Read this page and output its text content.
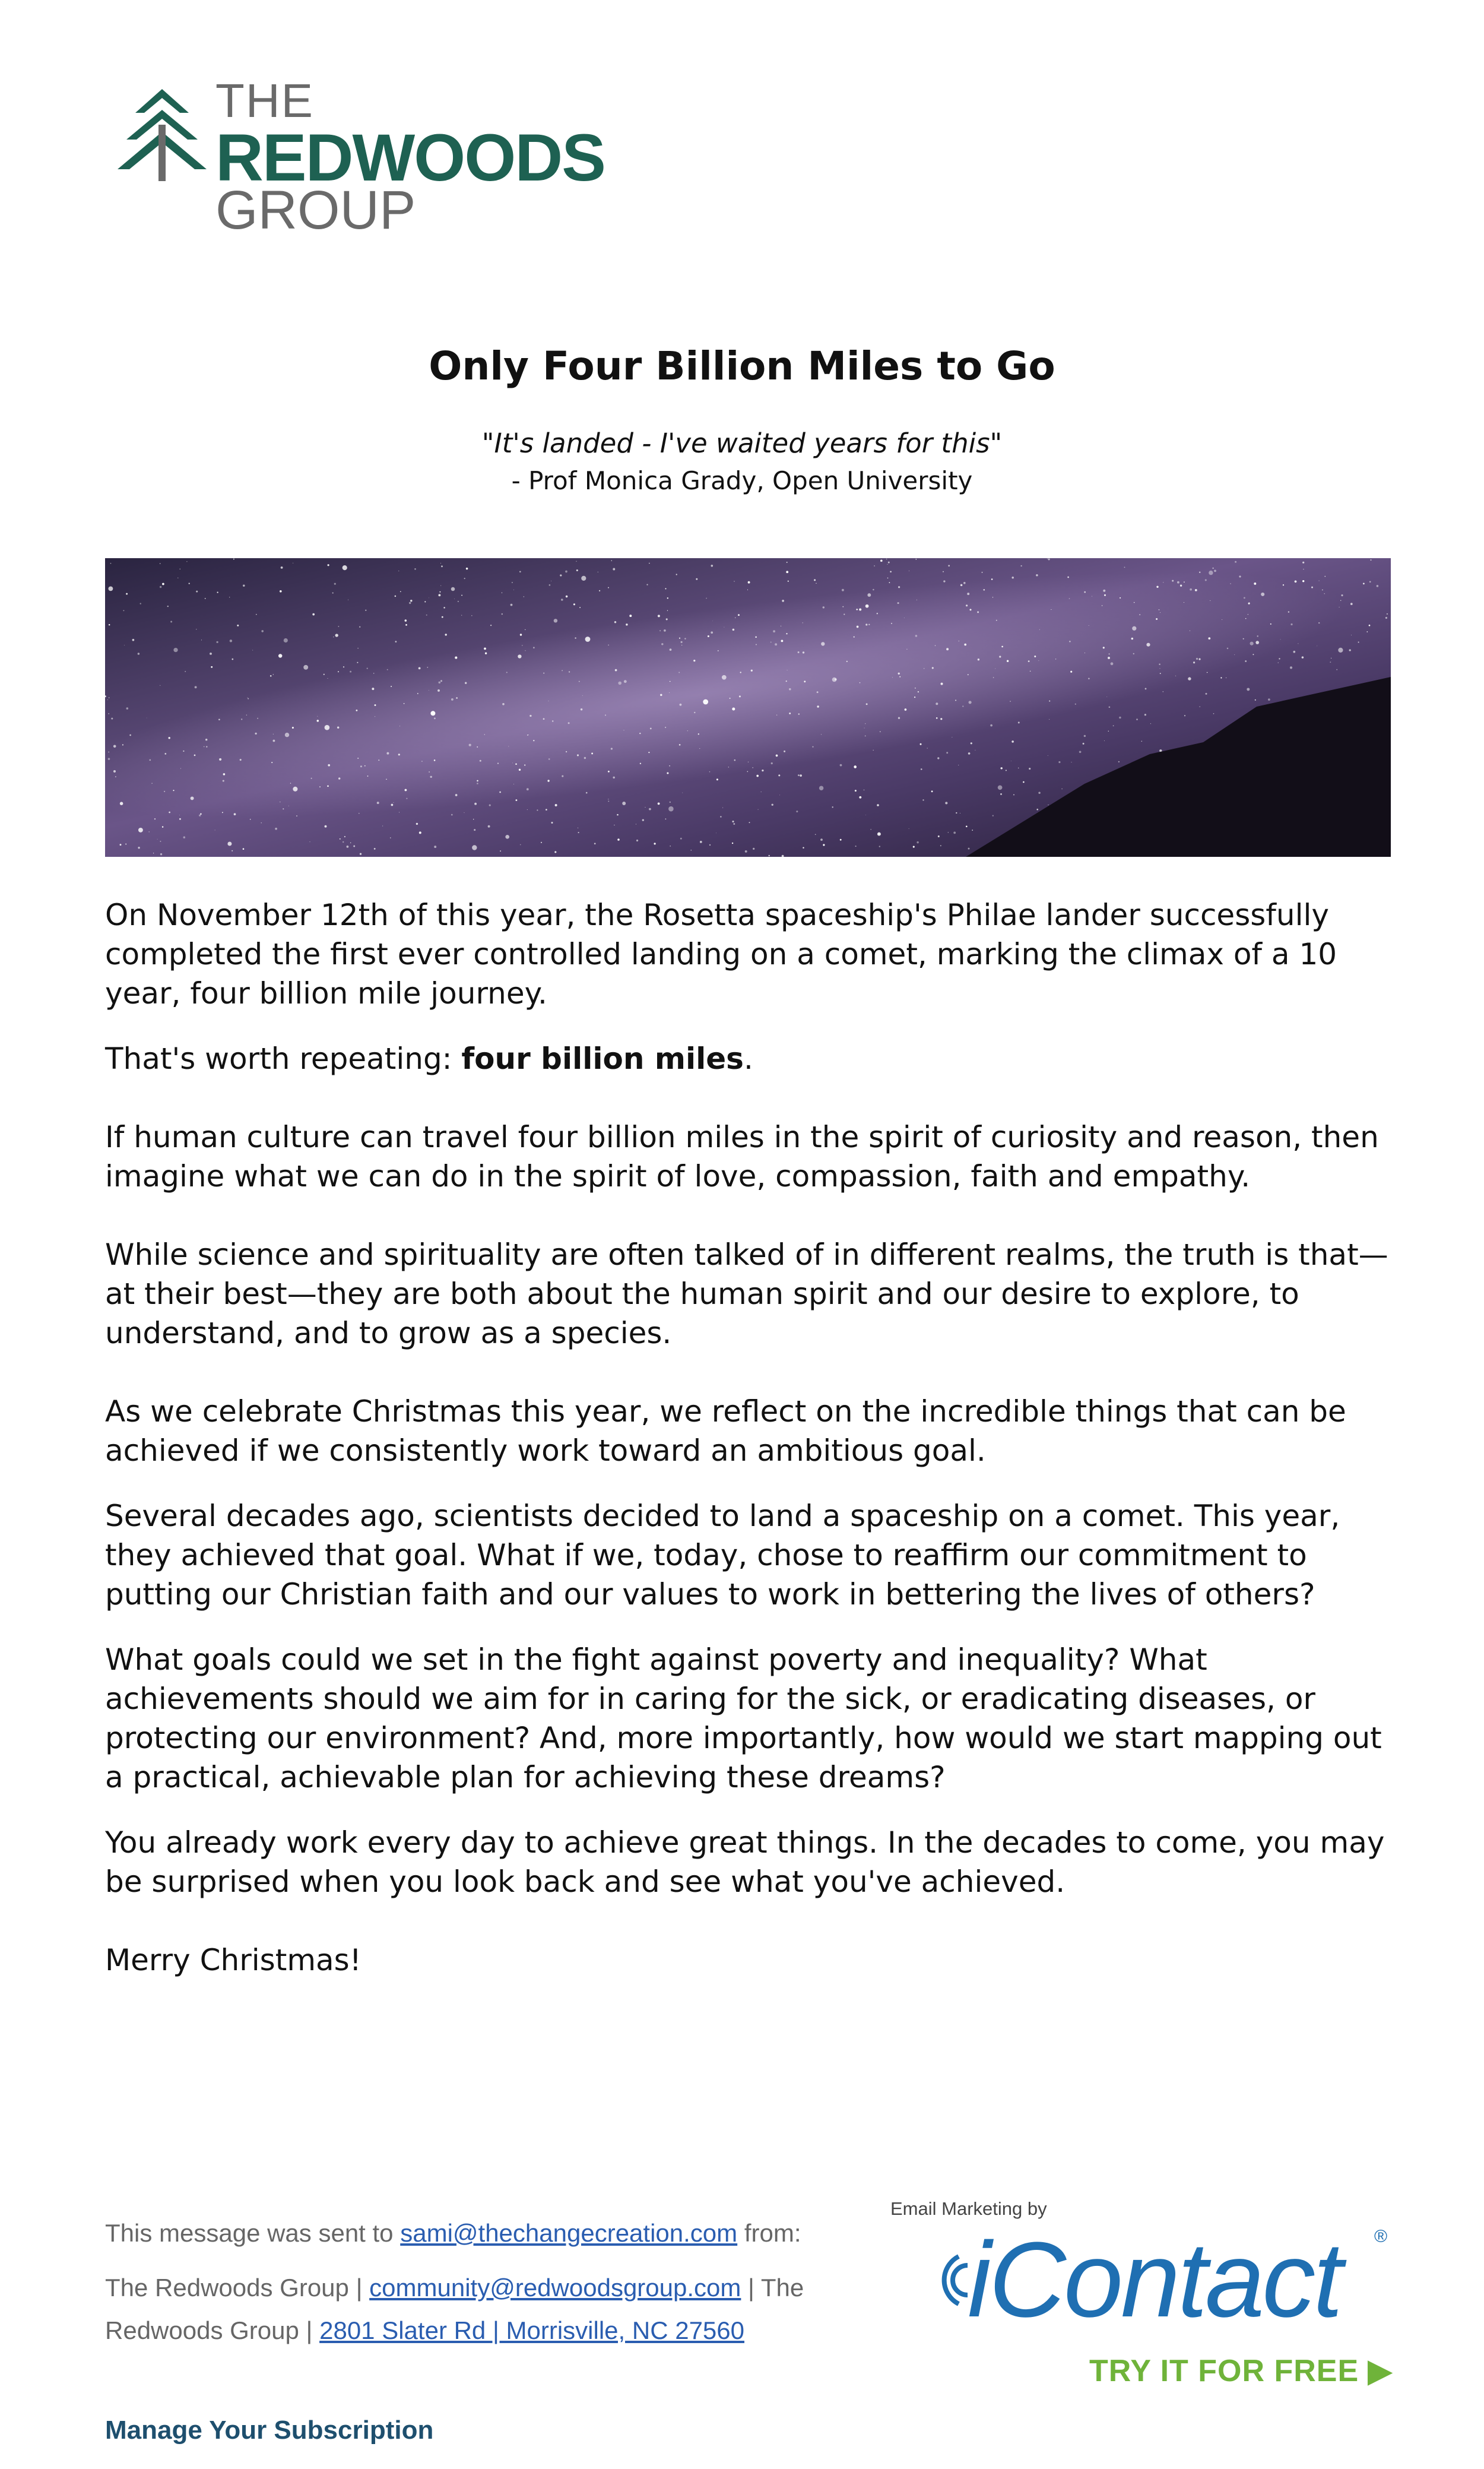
THE
REDWOODS
GROUP
Only Four Billion Miles to Go
"It's landed - I've waited years for this"
- Prof Monica Grady, Open University

On November 12th of this year, the Rosetta spaceship's Philae lander successfully completed the first ever controlled landing on a comet, marking the climax of a 10 year, four billion mile journey.

That's worth repeating: four billion miles.

If human culture can travel four billion miles in the spirit of curiosity and reason, then imagine what we can do in the spirit of love, compassion, faith and empathy.

While science and spirituality are often talked of in different realms, the truth is that—at their best—they are both about the human spirit and our desire to explore, to understand, and to grow as a species.

As we celebrate Christmas this year, we reflect on the incredible things that can be achieved if we consistently work toward an ambitious goal.

Several decades ago, scientists decided to land a spaceship on a comet. This year, they achieved that goal. What if we, today, chose to reaffirm our commitment to putting our Christian faith and our values to work in bettering the lives of others?

What goals could we set in the fight against poverty and inequality? What achievements should we aim for in caring for the sick, or eradicating diseases, or protecting our environment? And, more importantly, how would we start mapping out a practical, achievable plan for achieving these dreams?

You already work every day to achieve great things. In the decades to come, you may be surprised when you look back and see what you've achieved.

Merry Christmas!

This message was sent to sami@thechangecreation.com from:
The Redwoods Group | community@redwoodsgroup.com | The Redwoods Group | 2801 Slater Rd | Morrisville, NC 27560
Manage Your Subscription
Email Marketing by
iContact ®
TRY IT FOR FREE ▶
